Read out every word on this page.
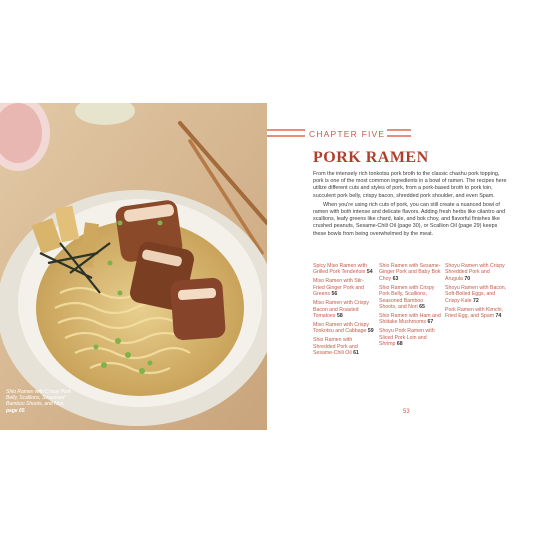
Shio Ramen with Crispy Pork Belly, Scallions, Seasoned Bamboo Shoots, and Nori, page 65
CHAPTER FIVE
PORK RAMEN

From the intensely rich tonkotsu pork broth to the classic chashu pork topping, pork is one of the most common ingredients in a bowl of ramen. The recipes here utilize different cuts and styles of pork, from a pork-based broth to pork loin, succulent pork belly, crispy bacon, shredded pork shoulder, and even Spam.

When you're using rich cuts of pork, you can still create a nuanced bowl of ramen with both intense and delicate flavors. Adding fresh herbs like cilantro and scallions, leafy greens like chard, kale, and bok choy, and flavorful finishes like crushed peanuts, Sesame-Chili Oil (page 30), or Scallion Oil (page 29) keeps these bowls from being overwhelmed by the meat.

Spicy Miso Ramen with Grilled Pork Tenderloin 54
Miso Ramen with Stir-Fried Ginger Pork and Greens 56
Miso Ramen with Crispy Bacon and Roasted Tomatoes 58
Miso Ramen with Crispy Tonkotsu and Cabbage 59
Shio Ramen with Shredded Pork and Sesame-Chili Oil 61
Shio Ramen with Sesame-Ginger Pork and Baby Bok Choy 63
Shio Ramen with Crispy Pork Belly, Scallions, Seasoned Bamboo Shoots, and Nori 65
Shio Ramen with Ham and Shiitake Mushrooms 67
Shoyu Pork Ramen with Sliced Pork Loin and Shrimp 68
Shoyu Ramen with Crispy Shredded Pork and Arugula 70
Shoyu Ramen with Bacon, Soft-Boiled Eggs, and Crispy Kale 72
Pork Ramen with Kimchi, Fried Egg, and Spam 74
53
